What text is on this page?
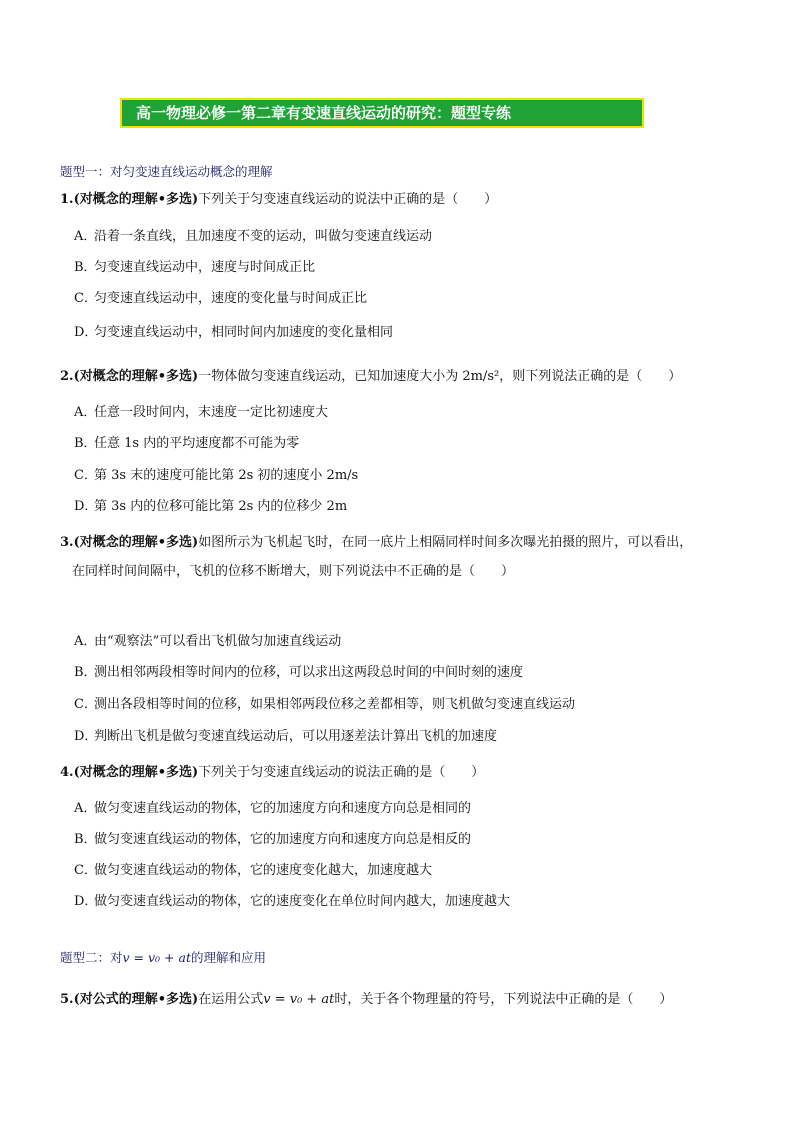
高一物理必修一第二章有变速直线运动的研究：题型专练
题型一：对匀变速直线运动概念的理解
1.(对概念的理解•多选)下列关于匀变速直线运动的说法中正确的是（　　）
A．沿着一条直线，且加速度不变的运动，叫做匀变速直线运动
B．匀变速直线运动中，速度与时间成正比
C．匀变速直线运动中，速度的变化量与时间成正比
D．匀变速直线运动中，相同时间内加速度的变化量相同
2.(对概念的理解•多选)一物体做匀变速直线运动，已知加速度大小为 2m/s²，则下列说法正确的是（　　）
A．任意一段时间内，末速度一定比初速度大
B．任意 1s 内的平均速度都不可能为零
C．第 3s 末的速度可能比第 2s 初的速度小 2m/s
D．第 3s 内的位移可能比第 2s 内的位移少 2m
3.(对概念的理解•多选)如图所示为飞机起飞时，在同一底片上相隔同样时间多次曝光拍摄的照片，可以看出，
在同样时间间隔中，飞机的位移不断增大，则下列说法中不正确的是（　　）
A．由“观察法”可以看出飞机做匀加速直线运动
B．测出相邻两段相等时间内的位移，可以求出这两段总时间的中间时刻的速度
C．测出各段相等时间的位移，如果相邻两段位移之差都相等，则飞机做匀变速直线运动
D．判断出飞机是做匀变速直线运动后，可以用逐差法计算出飞机的加速度
4.(对概念的理解•多选)下列关于匀变速直线运动的说法正确的是（　　）
A．做匀变速直线运动的物体，它的加速度方向和速度方向总是相同的
B．做匀变速直线运动的物体，它的加速度方向和速度方向总是相反的
C．做匀变速直线运动的物体，它的速度变化越大，加速度越大
D．做匀变速直线运动的物体，它的速度变化在单位时间内越大，加速度越大
题型二：对v = v₀ + at的理解和应用
5.(对公式的理解•多选)在运用公式v = v₀ + at时，关于各个物理量的符号，下列说法中正确的是（　　）
